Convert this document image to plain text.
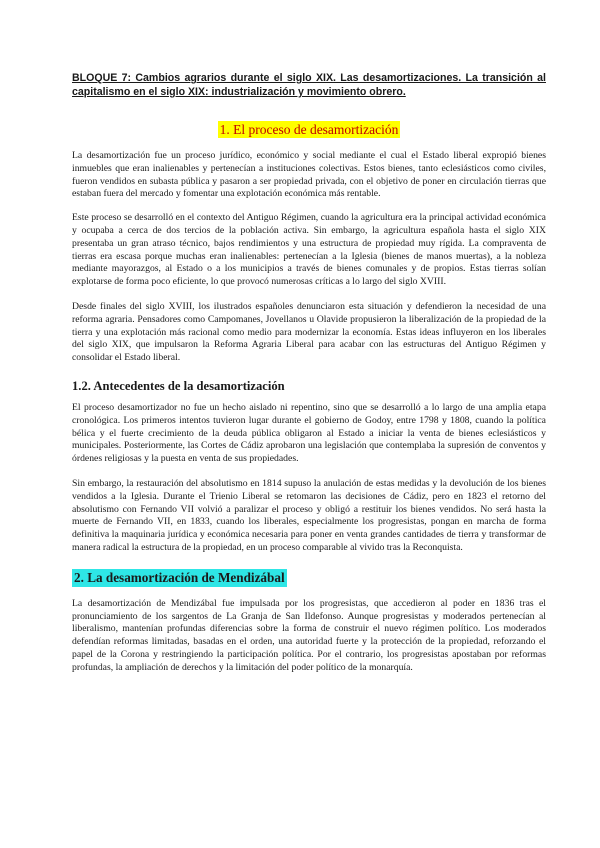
BLOQUE 7: Cambios agrarios durante el siglo XIX. Las desamortizaciones. La transición al capitalismo en el siglo XIX: industrialización y movimiento obrero.
1. El proceso de desamortización

La desamortización fue un proceso jurídico, económico y social mediante el cual el Estado liberal expropió bienes inmuebles que eran inalienables y pertenecían a instituciones colectivas. Estos bienes, tanto eclesiásticos como civiles, fueron vendidos en subasta pública y pasaron a ser propiedad privada, con el objetivo de poner en circulación tierras que estaban fuera del mercado y fomentar una explotación económica más rentable.

Este proceso se desarrolló en el contexto del Antiguo Régimen, cuando la agricultura era la principal actividad económica y ocupaba a cerca de dos tercios de la población activa. Sin embargo, la agricultura española hasta el siglo XIX presentaba un gran atraso técnico, bajos rendimientos y una estructura de propiedad muy rígida. La compraventa de tierras era escasa porque muchas eran inalienables: pertenecían a la Iglesia (bienes de manos muertas), a la nobleza mediante mayorazgos, al Estado o a los municipios a través de bienes comunales y de propios. Estas tierras solían explotarse de forma poco eficiente, lo que provocó numerosas críticas a lo largo del siglo XVIII.

Desde finales del siglo XVIII, los ilustrados españoles denunciaron esta situación y defendieron la necesidad de una reforma agraria. Pensadores como Campomanes, Jovellanos u Olavide propusieron la liberalización de la propiedad de la tierra y una explotación más racional como medio para modernizar la economía. Estas ideas influyeron en los liberales del siglo XIX, que impulsaron la Reforma Agraria Liberal para acabar con las estructuras del Antiguo Régimen y consolidar el Estado liberal.

1.2. Antecedentes de la desamortización

El proceso desamortizador no fue un hecho aislado ni repentino, sino que se desarrolló a lo largo de una amplia etapa cronológica. Los primeros intentos tuvieron lugar durante el gobierno de Godoy, entre 1798 y 1808, cuando la política bélica y el fuerte crecimiento de la deuda pública obligaron al Estado a iniciar la venta de bienes eclesiásticos y municipales. Posteriormente, las Cortes de Cádiz aprobaron una legislación que contemplaba la supresión de conventos y órdenes religiosas y la puesta en venta de sus propiedades.

Sin embargo, la restauración del absolutismo en 1814 supuso la anulación de estas medidas y la devolución de los bienes vendidos a la Iglesia. Durante el Trienio Liberal se retomaron las decisiones de Cádiz, pero en 1823 el retorno del absolutismo con Fernando VII volvió a paralizar el proceso y obligó a restituir los bienes vendidos. No será hasta la muerte de Fernando VII, en 1833, cuando los liberales, especialmente los progresistas, pongan en marcha de forma definitiva la maquinaria jurídica y económica necesaria para poner en venta grandes cantidades de tierra y transformar de manera radical la estructura de la propiedad, en un proceso comparable al vivido tras la Reconquista.

2. La desamortización de Mendizábal

La desamortización de Mendizábal fue impulsada por los progresistas, que accedieron al poder en 1836 tras el pronunciamiento de los sargentos de La Granja de San Ildefonso. Aunque progresistas y moderados pertenecían al liberalismo, mantenían profundas diferencias sobre la forma de construir el nuevo régimen político. Los moderados defendían reformas limitadas, basadas en el orden, una autoridad fuerte y la protección de la propiedad, reforzando el papel de la Corona y restringiendo la participación política. Por el contrario, los progresistas apostaban por reformas profundas, la ampliación de derechos y la limitación del poder político de la monarquía.
